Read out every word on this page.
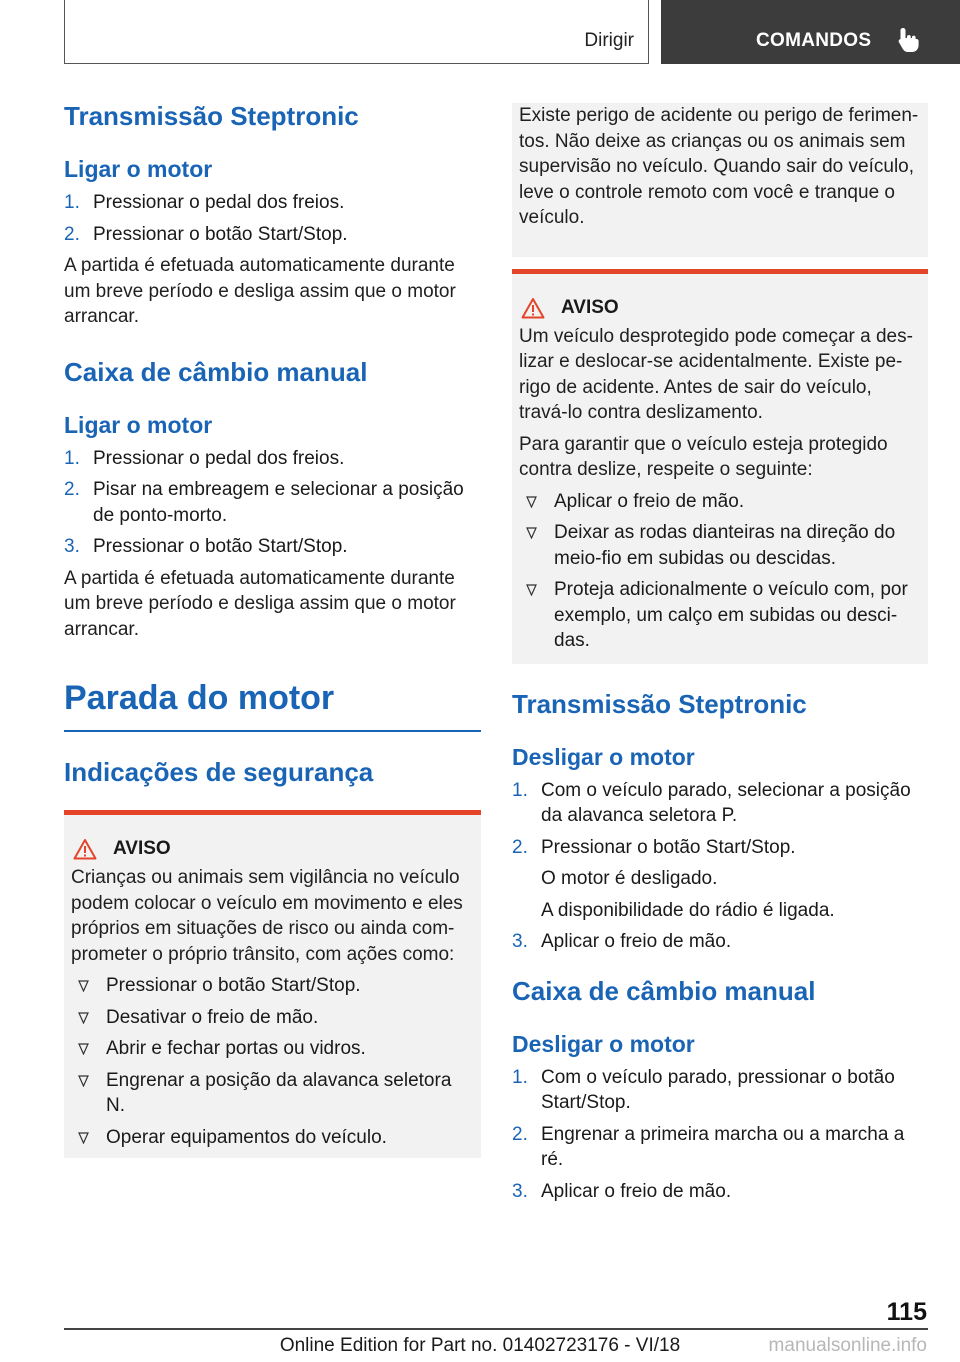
Dirigir	COMANDOS
Transmissão Steptronic
Ligar o motor
1. Pressionar o pedal dos freios.
2. Pressionar o botão Start/Stop.

A partida é efetuada automaticamente durante um breve período e desliga assim que o motor arrancar.

Caixa de câmbio manual
Ligar o motor
1. Pressionar o pedal dos freios.
2. Pisar na embreagem e selecionar a posição de ponto-morto.
3. Pressionar o botão Start/Stop.

A partida é efetuada automaticamente durante um breve período e desliga assim que o motor arrancar.

Parada do motor
Indicações de segurança
AVISO

Crianças ou animais sem vigilância no veículo podem colocar o veículo em movimento e eles próprios em situações de risco ou ainda com-prometer o próprio trânsito, com ações como:

Pressionar o botão Start/Stop.
Desativar o freio de mão.
Abrir e fechar portas ou vidros.
Engrenar a posição da alavanca seletora N.
Operar equipamentos do veículo.

Existe perigo de acidente ou perigo de ferimen-tos. Não deixe as crianças ou os animais sem supervisão no veículo. Quando sair do veículo, leve o controle remoto com você e tranque o veículo.

AVISO

Um veículo desprotegido pode começar a des-lizar e deslocar-se acidentalmente. Existe pe-rigo de acidente. Antes de sair do veículo, travá-lo contra deslizamento.

Para garantir que o veículo esteja protegido contra deslize, respeite o seguinte:

Aplicar o freio de mão.
Deixar as rodas dianteiras na direção do meio-fio em subidas ou descidas.
Proteja adicionalmente o veículo com, por exemplo, um calço em subidas ou desci-das.
Transmissão Steptronic
Desligar o motor
1. Com o veículo parado, selecionar a posição da alavanca seletora P.
2. Pressionar o botão Start/Stop.
O motor é desligado.
A disponibilidade do rádio é ligada.
3. Aplicar o freio de mão.
Caixa de câmbio manual
Desligar o motor
1. Com o veículo parado, pressionar o botão Start/Stop.
2. Engrenar a primeira marcha ou a marcha a ré.
3. Aplicar o freio de mão.
115
Online Edition for Part no. 01402723176 - VI/18	manualsonline.info
